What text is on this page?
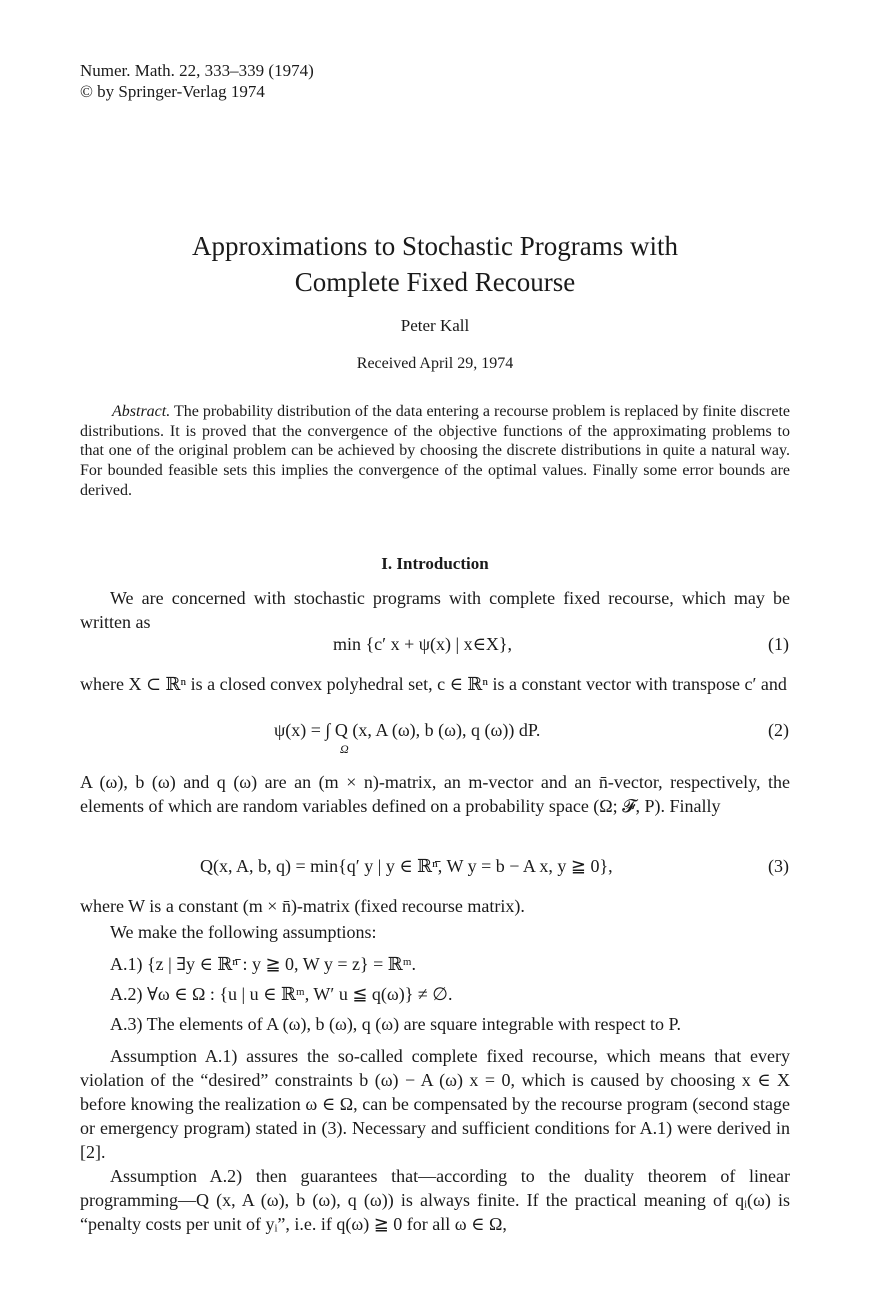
Numer. Math. 22, 333–339 (1974)
© by Springer-Verlag 1974
Approximations to Stochastic Programs with
Complete Fixed Recourse
Peter Kall
Received April 29, 1974
Abstract. The probability distribution of the data entering a recourse problem is replaced by finite discrete distributions. It is proved that the convergence of the objective functions of the approximating problems to that one of the original problem can be achieved by choosing the discrete distributions in quite a natural way. For bounded feasible sets this implies the convergence of the optimal values. Finally some error bounds are derived.
I. Introduction
We are concerned with stochastic programs with complete fixed recourse, which may be written as
min {c′ x + ψ(x) | x∈X},	(1)
where X ⊂ ℝⁿ is a closed convex polyhedral set, c ∈ ℝⁿ is a constant vector with transpose c′ and
ψ(x) = ∫ Q (x, A (ω), b (ω), q (ω)) dP.
Ω
(2)
A (ω), b (ω) and q (ω) are an (m × n)-matrix, an m-vector and an n̄-vector, respectively, the elements of which are random variables defined on a probability space (Ω; 𝓕, P). Finally
Q(x, A, b, q) = min{q′ y | y ∈ ℝⁿ̄, W y = b − A x, y ≧ 0},	(3)
where W is a constant (m × n̄)-matrix (fixed recourse matrix).
We make the following assumptions:
A.1) {z | ∃y ∈ ℝⁿ̄ : y ≧ 0, W y = z} = ℝᵐ.
A.2) ∀ω ∈ Ω : {u | u ∈ ℝᵐ, W′ u ≦ q(ω)} ≠ ∅.
A.3) The elements of A (ω), b (ω), q (ω) are square integrable with respect to P.
Assumption A.1) assures the so-called complete fixed recourse, which means that every violation of the “desired” constraints b (ω) − A (ω) x = 0, which is caused by choosing x ∈ X before knowing the realization ω ∈ Ω, can be compensated by the recourse program (second stage or emergency program) stated in (3). Necessary and sufficient conditions for A.1) were derived in [2].
Assumption A.2) then guarantees that—according to the duality theorem of linear programming—Q (x, A (ω), b (ω), q (ω)) is always finite. If the practical meaning of qᵢ(ω) is “penalty costs per unit of yᵢ”, i.e. if q(ω) ≧ 0 for all ω ∈ Ω,
